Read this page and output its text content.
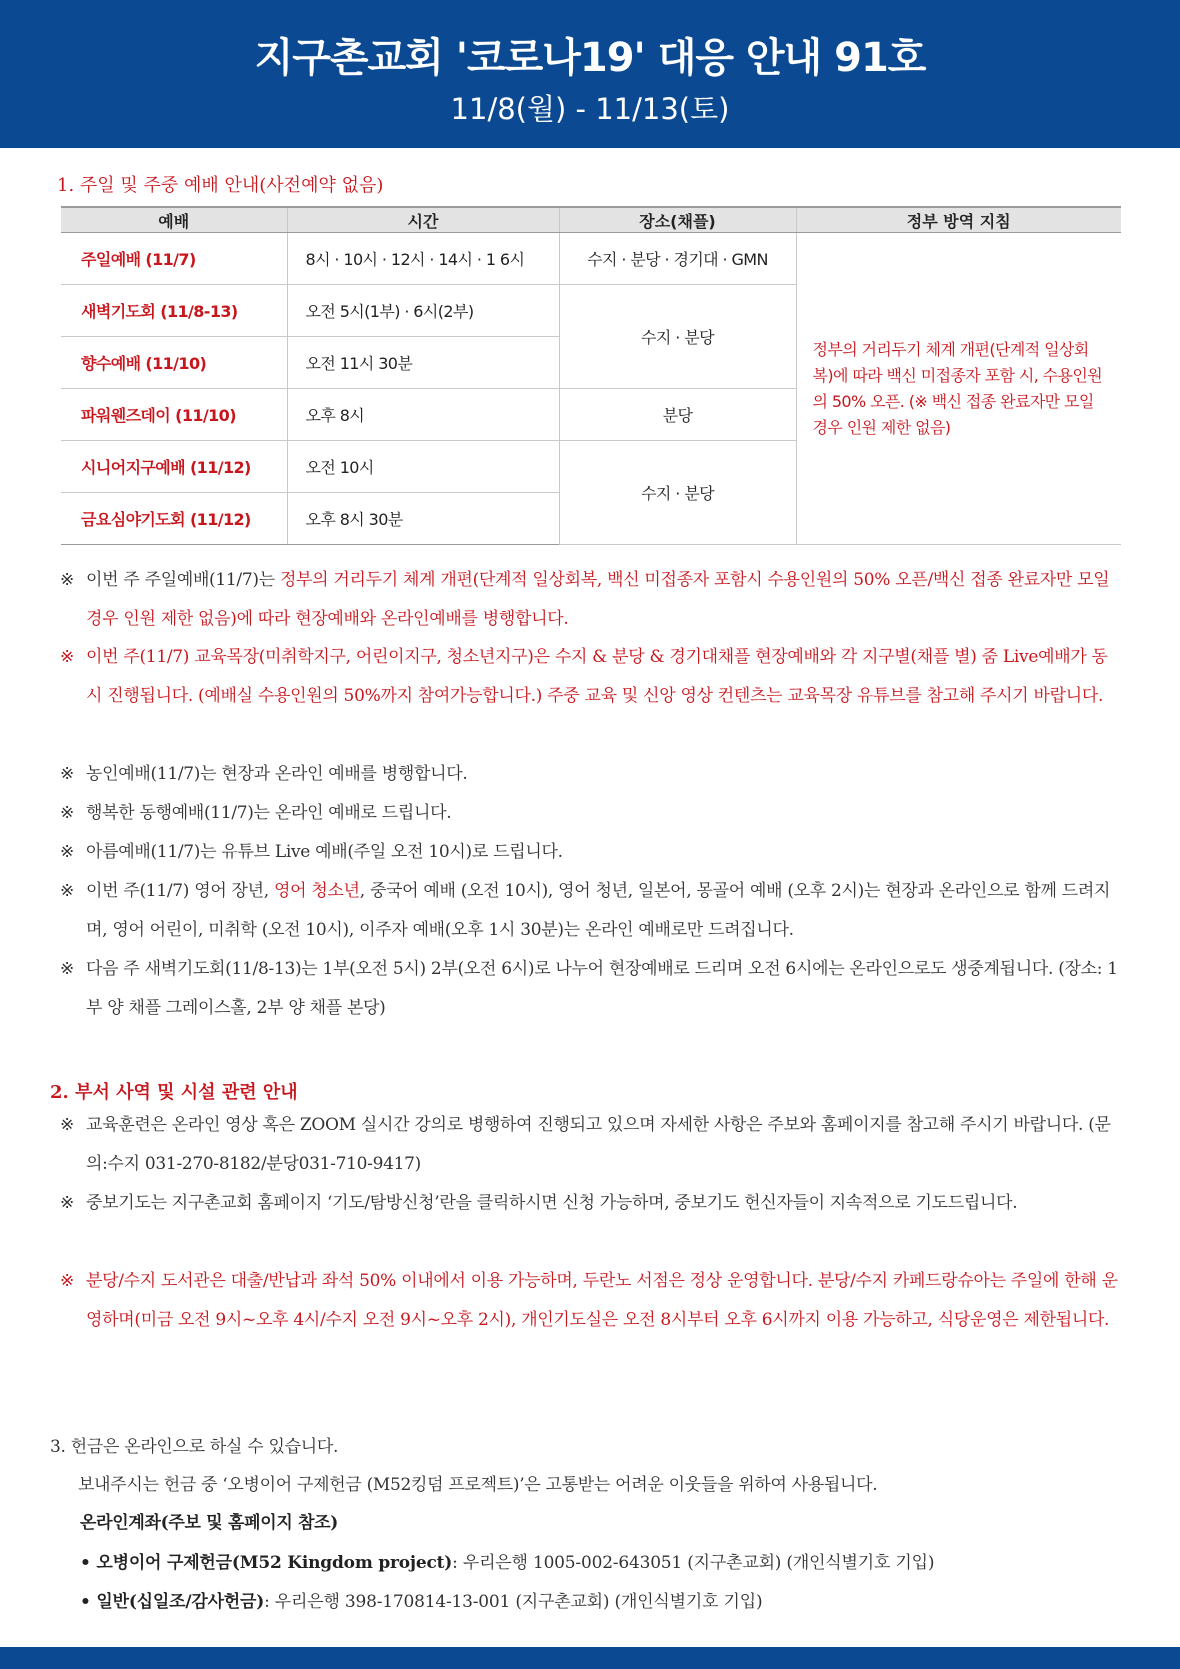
지구촌교회 '코로나19' 대응 안내 91호
11/8(월) - 11/13(토)
1. 주일 및 주중 예배 안내(사전예약 없음)
예배	시간	장소(채플)	정부 방역 지침
주일예배 (11/7)	8시 · 10시 · 12시 · 14시 · 1 6시	수지 · 분당 · 경기대 · GMN	정부의 거리두기 체계 개편(단계적 일상회복)에 따라 백신 미접종자 포함 시, 수용인원의 50% 오픈. (※ 백신 접종 완료자만 모일 경우 인원 제한 없음)
새벽기도회 (11/8-13)	오전 5시(1부) · 6시(2부)	수지 · 분당	
향수예배 (11/10)	오전 11시 30분		
파워웬즈데이 (11/10)	오후 8시	분당	
시니어지구예배 (11/12)	오전 10시	수지 · 분당	
금요심야기도회 (11/12)	오후 8시 30분		
※ 이번 주 주일예배(11/7)는 정부의 거리두기 체계 개편(단계적 일상회복, 백신 미접종자 포함시 수용인원의 50% 오픈/백신 접종 완료자만 모일 경우 인원 제한 없음)에 따라 현장예배와 온라인예배를 병행합니다.
※ 이번 주(11/7) 교육목장(미취학지구, 어린이지구, 청소년지구)은 수지 & 분당 & 경기대채플 현장예배와 각 지구별(채플 별) 줌 Live예배가 동시 진행됩니다. (예배실 수용인원의 50%까지 참여가능합니다.) 주중 교육 및 신앙 영상 컨텐츠는 교육목장 유튜브를 참고해 주시기 바랍니다.
※ 농인예배(11/7)는 현장과 온라인 예배를 병행합니다.
※ 행복한 동행예배(11/7)는 온라인 예배로 드립니다.
※ 아름예배(11/7)는 유튜브 Live 예배(주일 오전 10시)로 드립니다.
※ 이번 주(11/7) 영어 장년, 영어 청소년, 중국어 예배 (오전 10시), 영어 청년, 일본어, 몽골어 예배 (오후 2시)는 현장과 온라인으로 함께 드려지며, 영어 어린이, 미취학 (오전 10시), 이주자 예배(오후 1시 30분)는 온라인 예배로만 드려집니다.
※ 다음 주 새벽기도회(11/8-13)는 1부(오전 5시) 2부(오전 6시)로 나누어 현장예배로 드리며 오전 6시에는 온라인으로도 생중계됩니다. (장소: 1부 양 채플 그레이스홀, 2부 양 채플 본당)
2. 부서 사역 및 시설 관련 안내
※ 교육훈련은 온라인 영상 혹은 ZOOM 실시간 강의로 병행하여 진행되고 있으며 자세한 사항은 주보와 홈페이지를 참고해 주시기 바랍니다. (문의:수지 031-270-8182/분당031-710-9417)
※ 중보기도는 지구촌교회 홈페이지 ‘기도/탐방신청’란을 클릭하시면 신청 가능하며, 중보기도 헌신자들이 지속적으로 기도드립니다.
※ 분당/수지 도서관은 대출/반납과 좌석 50% 이내에서 이용 가능하며, 두란노 서점은 정상 운영합니다. 분당/수지 카페드랑슈아는 주일에 한해 운영하며(미금 오전 9시~오후 4시/수지 오전 9시~오후 2시), 개인기도실은 오전 8시부터 오후 6시까지 이용 가능하고, 식당운영은 제한됩니다.
3. 헌금은 온라인으로 하실 수 있습니다.
보내주시는 헌금 중 ‘오병이어 구제헌금 (M52킹덤 프로젝트)’은 고통받는 어려운 이웃들을 위하여 사용됩니다.
온라인계좌(주보 및 홈페이지 참조)
• 오병이어 구제헌금(M52 Kingdom project): 우리은행 1005-002-643051 (지구촌교회) (개인식별기호 기입)
• 일반(십일조/감사헌금): 우리은행 398-170814-13-001 (지구촌교회) (개인식별기호 기입)
